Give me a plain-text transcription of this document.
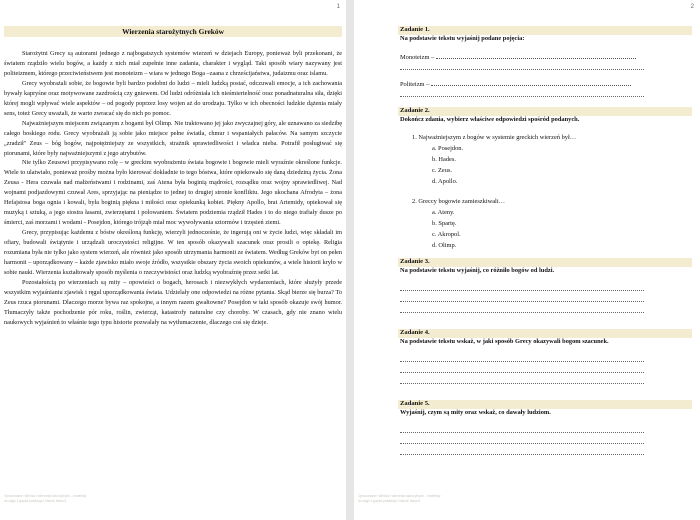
1
Wierzenia starożytnych Greków

Starożytni Grecy są autorami jednego z najbogatszych systemów wierzeń w dziejach Europy, ponieważ byli przekonani, że światem rządziło wielu bogów, a każdy z nich miał zupełnie inne zadania, charakter i wygląd. Taki sposób wiary nazywany jest politeizmem, którego przeciwieństwem jest monoteizm – wiara w jednego Boga –zaana z chrześcijaństwa, judaizmu oraz islamu.

Grecy wyobrażali sobie, że bogowie byli bardzo podobni do ludzi – mieli ludzką postać, odczuwali emocje, a ich zachowania bywały kapryśne oraz motywowane zazdrością czy gniewem. Od ludzi odróżniała ich nieśmiertelność oraz ponadnaturalna siła, dzięki której mogli wpływać wiele aspektów – od pogody poprzez losy wojen aż do urodzaju. Tylko w ich obecności ludzkie dążenia miały sens, toteż Grecy uważali, że warto zwracać się do nich po pomoc.

Najważniejszym miejscem związanym z bogami był Olimp. Nie traktowano jej jako zwyczajnej góry, ale uznawano za siedzibę całego boskiego rodu. Grecy wyobrażali ją sobie jako miejsce pełne światła, chmur i wspaniałych pałaców. Na samym szczycie „zradził" Zeus – bóg bogów, najpotężniejszy ze wszystkich, strażnik sprawiedliwości i władca nieba. Potrafił posługiwać się piorunami, które były najważniejszymi z jego atrybutów.

Nie tylko Zeusowi przypisywano rolę – w greckim wyobrażeniu świata bogowie i bogowie mieli wyraźnie określone funkcje. Wiele to ulatwiało, ponieważ prośby można było kierować dokładnie to tego bóstwa, które opiekowało się daną dziedziną życia. Żona Zeusa - Hera czuwała nad małżeństwami i rodzinami, zaś Atena była boginią mądrości, rozsądku oraz wojny sprawiedliwej. Nad wojnami podjazdowymi czuwał Ares, sprzyjając na pieniądze to jednej to drugiej stronie konfliktu. Jego ukochana Afrodyta – żona Hefajstosa boga ognia i kowali, była boginią piękna i miłości oraz opiekunką kobiet. Piękny Apollo, brat Artemidy, opiekował się muzyką i sztuką, a jego siostra łasami, zwierzętami i polowaniem. Światem podziemia rządził Hades i to do niego trafiały dusze po śmierci, zaś morzami i wodami - Posejdon, którego trójząb miał moc wywoływania sztormów i trzęsień ziemi.

Grecy, przypisując każdemu z bóstw określoną funkcję, wierzyli jednocześnie, że ingerują oni w życie ludzi, więc składali im ofiary, budowali świątynie i urządzali uroczystości religijne. W ten sposób okazywali szacunek oraz prosili o opiekę. Religia rozumiana była nie tylko jako system wierzeń, ale również jako sposób utrzymania harmonii ze światem. Według Greków byt on pełen harmonii – uporządkowany – każde zjawisko miało swoje źródło, wszystkie obszary życia swoich opiekunów, a wiele historii kryło w sobie nauki. Wierzenia kształtowały sposób myślenia o rzeczywistości oraz ludzką wyobraźnię przez setki lat.

Pozostałością po wierzeniach są mity – opowieści o bogach, herosach i niezwykłych wydarzeniach, które służyły przede wszystkim wyjaśnianiu zjawisk i ręgul uporządkowania świata. Udzielały one odpowiedzi na różne pytania. Skąd bierze się burza? To Zeus rzuca piorunami. Dlaczego morze bywa raz spokojne, a innym razem gwałtowne? Posejdon w taki sposób okazuje swój humor. Tłumaczyły także pochodzenie pór roku, roślin, zwierząt, katastrofy naturalne czy choroby. W czasach, gdy nie znano wielu naukowych wyjaśnień to właśnie tego typu historie pozwalały na wytłumaczenie, dlaczego coś się dzieje.

Opracowanie: Wiedza i wierzenia starożytnych – materiały
do zajęć z języka polskiego i historii, klasa 5
2
Zadanie 1.
Na podstawie tekstu wyjaśnij podane pojęcia:
Monoteizm –
Politeizm –
Zadanie 2.
Dokończ zdania, wybierz właściwe odpowiedzi spośród podanych.
1. Najważniejszym z bogów w systemie greckich wierzeń był…
a. Posejdon.
b. Hades.
c. Zeus.
d. Apollo.
2. Greccy bogowie zamieszkiwali…
a. Ateny.
b. Spartę.
c. Akropol.
d. Olimp.
Zadanie 3.
Na podstawie tekstu wyjaśnij, co różniło bogów od ludzi.
Zadanie 4.
Na podstawie tekstu wskaż, w jaki sposób Grecy okazywali bogom szacunek.
Zadanie 5.
Wyjaśnij, czym są mity oraz wskaż, co dawały ludziom.
Opracowanie: Wiedza i wierzenia starożytnych – materiały
do zajęć z języka polskiego i historii, klasa 5
